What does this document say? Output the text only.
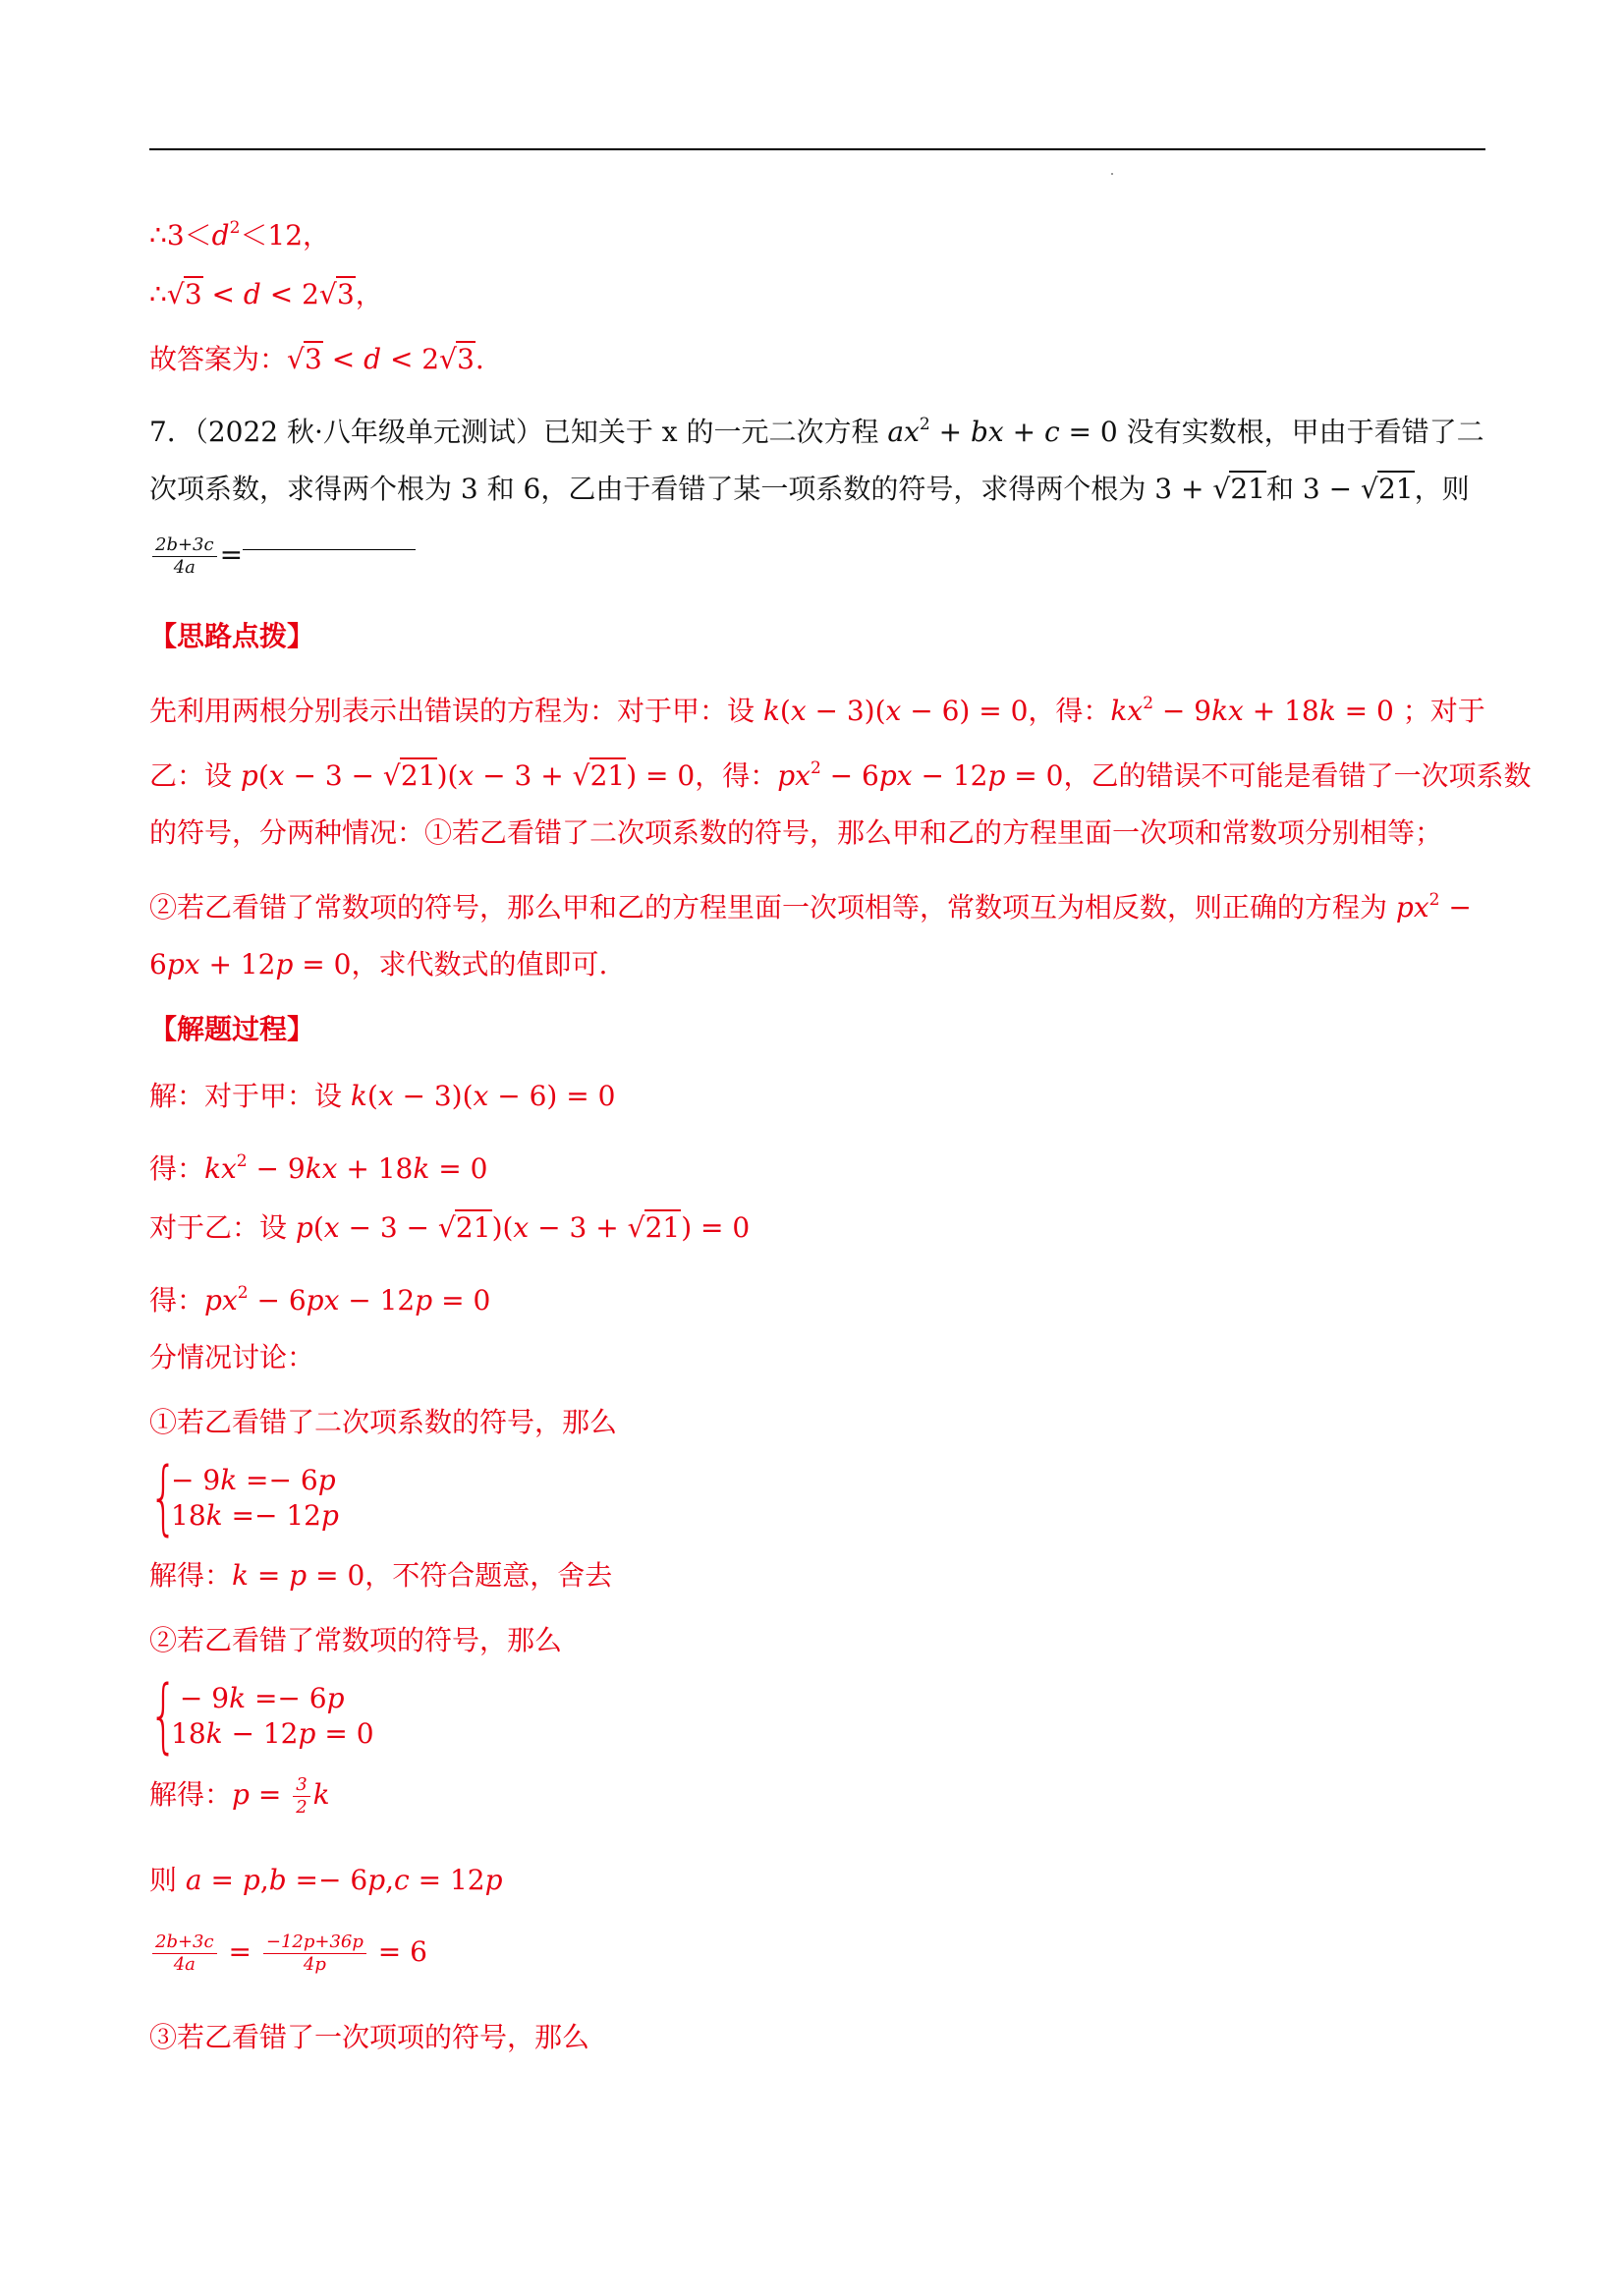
$\therefore 3<d^2<12$，
∴ √ 3 < d < 2 √ 3，
故答案为： √ 3 < d < 2 √ 3．
7．（2022 秋·八年级单元测试）已知关于 x 的一元二次方程 $ax^2$ + bx + c = 0 没有实数根，甲由于看错了二
次项系数，求得两个根为 3 和 6，乙由于看错了某一项系数的符号，求得两个根为 3 + √ 21和 3 − √ 21，则
$\frac{2b+3c}{4a}$ =
【思路点拨】
先利用两根分别表示出错误的方程为：对于甲：设 k(x − 3)(x − 6) = 0，得：$kx^2 - 9kx + 18k = 0$ ；对于
乙：设 p(x − 3 − √ 21)(x − 3 + √ 21) = 0，得：$px^2 - 6px - 12p = 0$，乙的错误不可能是看错了一次项系数
的符号，分两种情况：①若乙看错了二次项系数的符号，那么甲和乙的方程里面一次项和常数项分别相等；
②若乙看错了常数项的符号，那么甲和乙的方程里面一次项相等，常数项互为相反数，则正确的方程为 $px^2$ −
6px + 12p = 0，求代数式的值即可.
【解题过程】
解：对于甲：设 k(x − 3)(x − 6) = 0
得：$kx^2 - 9kx + 18k = 0$
对于乙：设 p(x − 3 − √ 21)(x − 3 + √ 21) = 0
得：$px^2 - 6px - 12p = 0$
分情况讨论：
①若乙看错了二次项系数的符号，那么
{
− 9k =− 6p
18k =− 12p
解得：k = p = 0，不符合题意，舍去
②若乙看错了常数项的符号，那么
{
− 9k =− 6p
18k − 12p = 0
解得：$p = \frac{3}{2}$ k
则 a = p,b =− 6p,c = 12p
$\frac{2b+3c}{4a} = \frac{-12p+36p}{4p} = 6$
③若乙看错了一次项项的符号，那么
